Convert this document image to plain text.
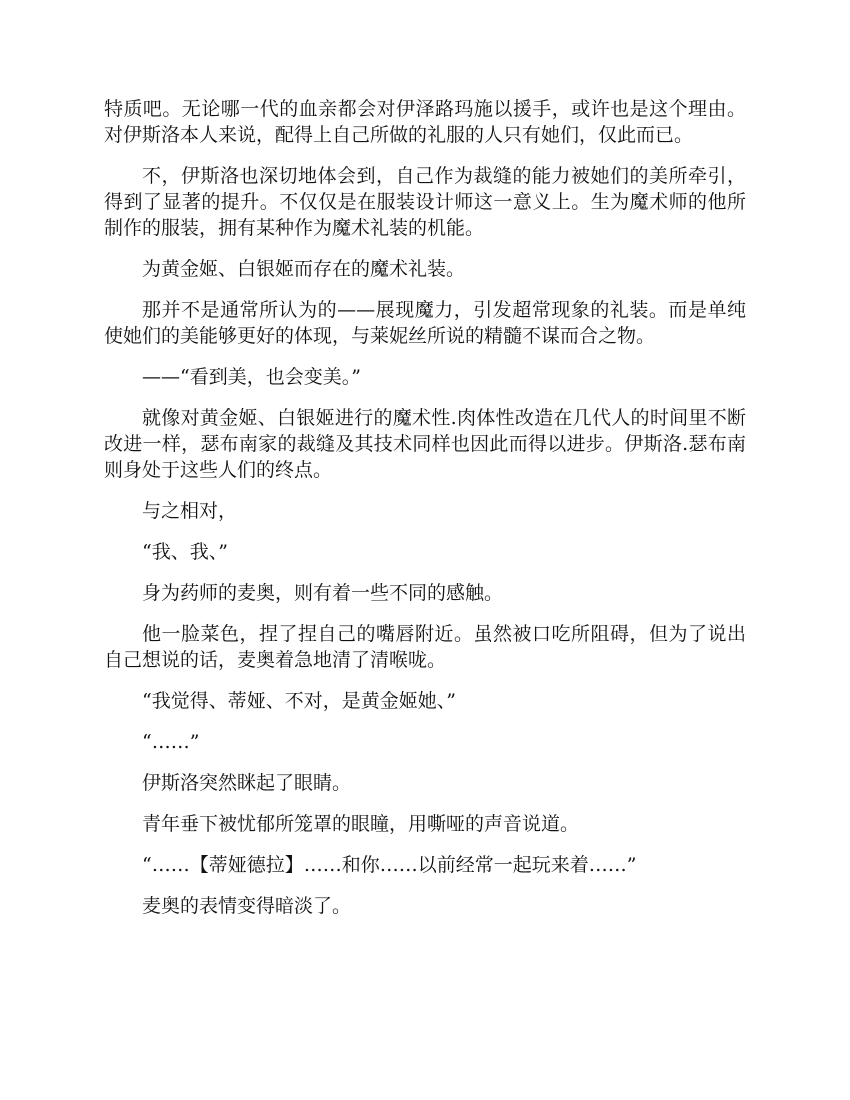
特质吧。无论哪一代的血亲都会对伊泽路玛施以援手，或许也是这个理由。对伊斯洛本人来说，配得上自己所做的礼服的人只有她们，仅此而已。

不，伊斯洛也深切地体会到，自己作为裁缝的能力被她们的美所牵引，得到了显著的提升。不仅仅是在服装设计师这一意义上。生为魔术师的他所制作的服装，拥有某种作为魔术礼装的机能。

为黄金姬、白银姬而存在的魔术礼装。

那并不是通常所认为的——展现魔力，引发超常现象的礼装。而是单纯使她们的美能够更好的体现，与莱妮丝所说的精髓不谋而合之物。

——“看到美，也会变美。”

就像对黄金姬、白银姬进行的魔术性.肉体性改造在几代人的时间里不断改进一样，瑟布南家的裁缝及其技术同样也因此而得以进步。伊斯洛.瑟布南则身处于这些人们的终点。

与之相对，

“我、我、”

身为药师的麦奥，则有着一些不同的感触。

他一脸菜色，捏了捏自己的嘴唇附近。虽然被口吃所阻碍，但为了说出自己想说的话，麦奥着急地清了清喉咙。

“我觉得、蒂娅、不对，是黄金姬她、”

“……”

伊斯洛突然眯起了眼睛。

青年垂下被忧郁所笼罩的眼瞳，用嘶哑的声音说道。

“……【蒂娅德拉】……和你……以前经常一起玩来着……”

麦奥的表情变得暗淡了。
